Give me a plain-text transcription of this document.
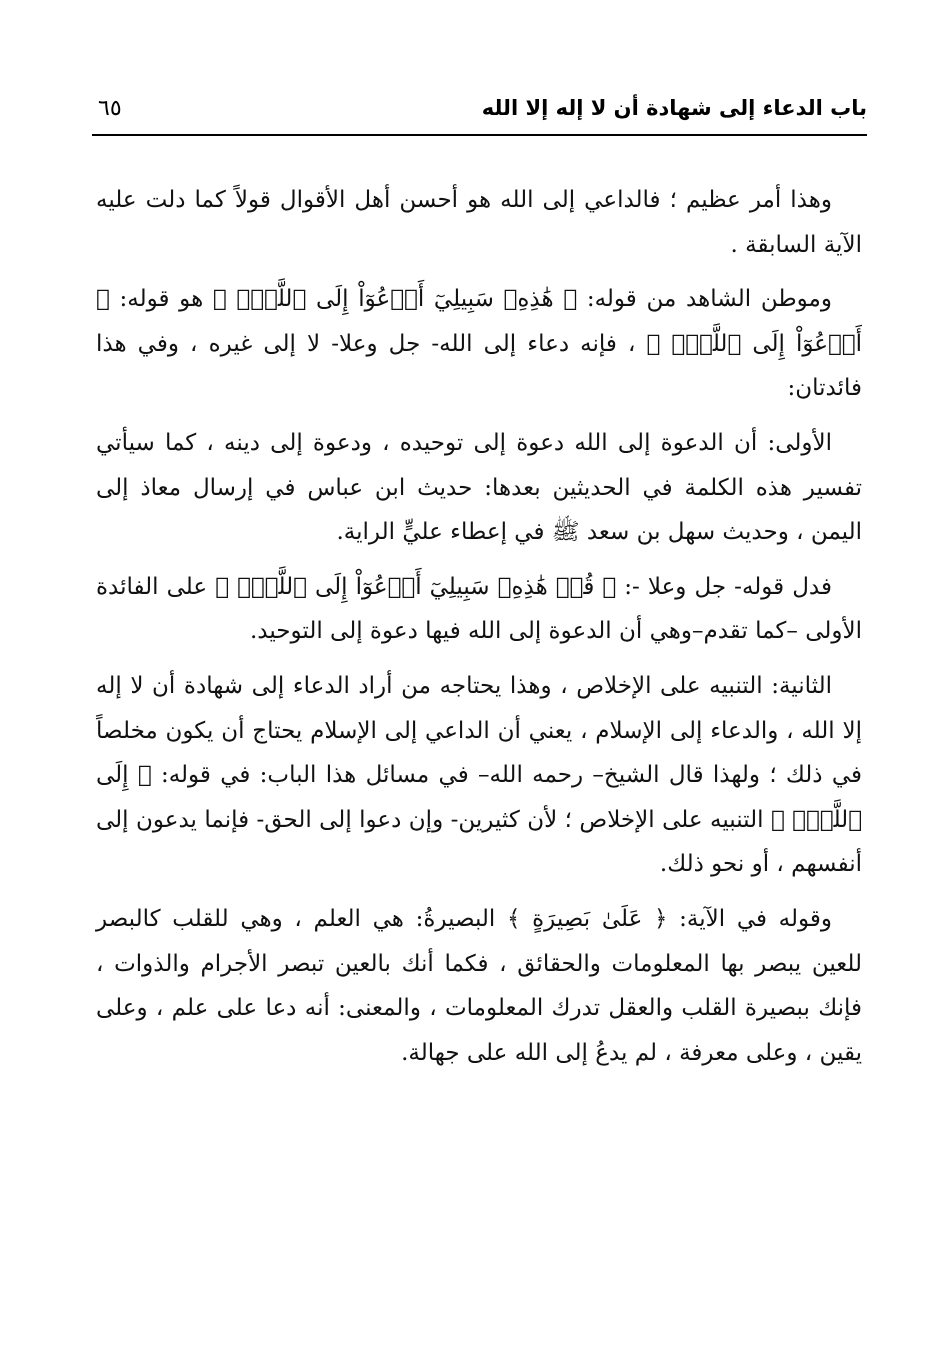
٦٥	باب الدعاء إلى شهادة أن لا إله إلا الله

وهذا أمر عظيم ؛ فالداعي إلى الله هو أحسن أهل الأقوال قولاً كما دلت عليه الآية السابقة .

وموطن الشاهد من قوله: ﴿ هَٰذِهِۦ سَبِيلِيٓ أَدۡعُوٓاْ إِلَى ٱللَّهِۚ ﴾ هو قوله: ﴿ أَدۡعُوٓاْ إِلَى ٱللَّهِۚ ﴾ ، فإنه دعاء إلى الله- جل وعلا- لا إلى غيره ، وفي هذا فائدتان:

الأولى: أن الدعوة إلى الله دعوة إلى توحيده ، ودعوة إلى دينه ، كما سيأتي تفسير هذه الكلمة في الحديثين بعدها: حديث ابن عباس في إرسال معاذ إلى اليمن ، وحديث سهل بن سعد ﷺ في إعطاء عليٍّ الراية.

فدل قوله- جل وعلا -: ﴿ قُلۡ هَٰذِهِۦ سَبِيلِيٓ أَدۡعُوٓاْ إِلَى ٱللَّهِۚ ﴾ على الفائدة الأولى –كما تقدم–وهي أن الدعوة إلى الله فيها دعوة إلى التوحيد.

الثانية: التنبيه على الإخلاص ، وهذا يحتاجه من أراد الدعاء إلى شهادة أن لا إله إلا الله ، والدعاء إلى الإسلام ، يعني أن الداعي إلى الإسلام يحتاج أن يكون مخلصاً في ذلك ؛ ولهذا قال الشيخ– رحمه الله– في مسائل هذا الباب: في قوله: ﴿ إِلَى ٱللَّهِۚ ﴾ التنبيه على الإخلاص ؛ لأن كثيرين- وإن دعوا إلى الحق- فإنما يدعون إلى أنفسهم ، أو نحو ذلك.

وقوله في الآية: ﴿ عَلَىٰ بَصِيرَةٍ ﴾ البصيرةُ: هي العلم ، وهي للقلب كالبصر للعين يبصر بها المعلومات والحقائق ، فكما أنك بالعين تبصر الأجرام والذوات ، فإنك ببصيرة القلب والعقل تدرك المعلومات ، والمعنى: أنه دعا على علم ، وعلى يقين ، وعلى معرفة ، لم يدعُ إلى الله على جهالة.
